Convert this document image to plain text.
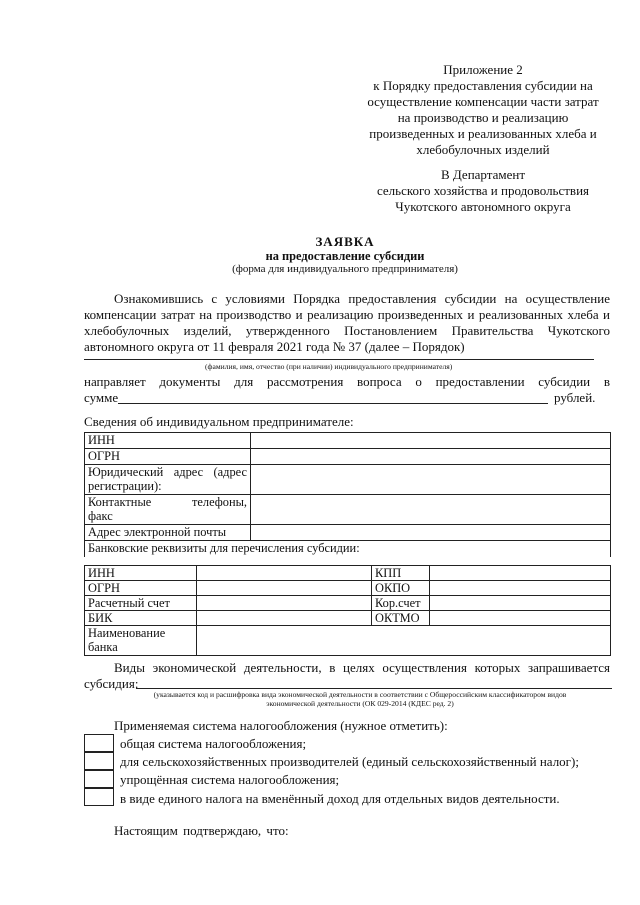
Приложение 2
к Порядку предоставления субсидии на
осуществление компенсации части затрат
на производство и реализацию
произведенных и реализованных хлеба и
хлебобулочных изделий
В Департамент
сельского хозяйства и продовольствия
Чукотского автономного округа
ЗАЯВКА
на предоставление субсидии
(форма для индивидуального предпринимателя)
Ознакомившись с условиями Порядка предоставления субсидии на осуществление
компенсации затрат на производство и реализацию произведенных и реализованных хлеба и
хлебобулочных изделий, утвержденного Постановлением Правительства Чукотского
автономного округа от 11 февраля 2021 года № 37 (далее – Порядок)
(фамилия, имя, отчество (при наличии) индивидуального предпринимателя)
направляет документы для рассмотрения вопроса о предоставлении субсидии в
сумме	рублей.
Сведения об индивидуальном предпринимателе:
ИНН	
ОГРН	

Юридический адрес (адрес
регистрации):	

Контактные телефоны,
факс	

Адрес электронной почты	
Банковские реквизиты для перечисления субсидии:	
ИНН		КПП	
ОГРН		ОКПО	
Расчетный счет		Кор.счет	
БИК		ОКТМО	

Наименование
банка			

Виды экономической деятельности, в целях осуществления которых запрашивается
субсидия:
(указывается код и расшифровка вида экономической деятельности в соответствии с Общероссийским классификатором видов
экономической деятельности (ОК 029-2014 (КДЕС ред. 2)
Применяемая система налогообложения (нужное отметить):
общая система налогообложения;
для сельскохозяйственных производителей (единый сельскохозяйственный налог);
упрощённая система налогообложения;
в виде единого налога на вменённый доход для отдельных видов деятельности.
Настоящим подтверждаю, что:
